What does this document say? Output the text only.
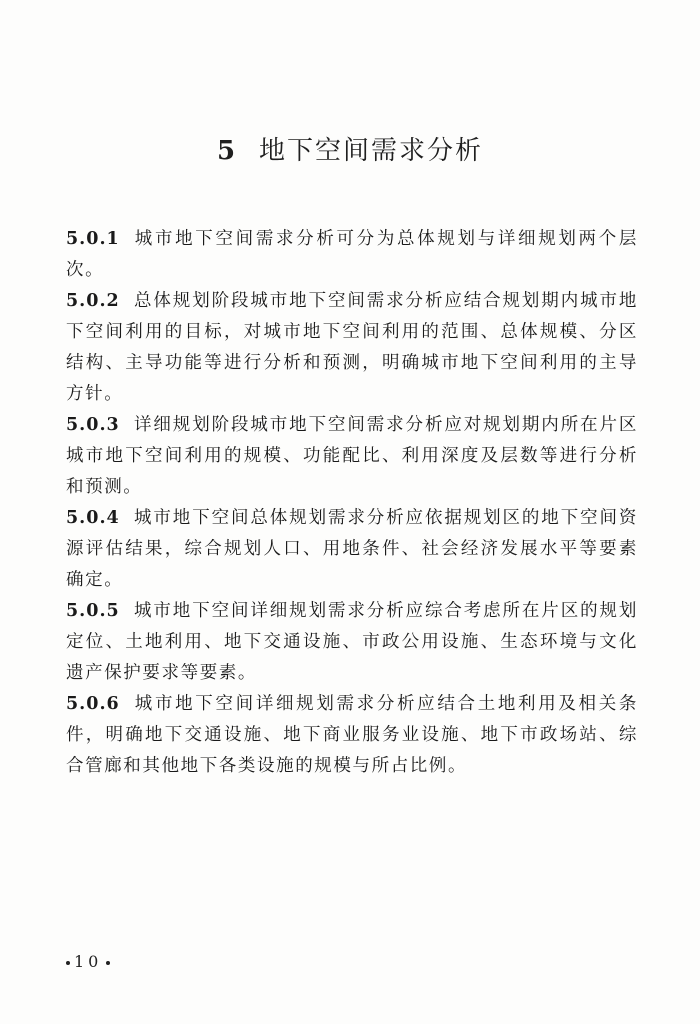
5 地下空间需求分析

5.0.1 城市地下空间需求分析可分为总体规划与详细规划两个层次。

5.0.2 总体规划阶段城市地下空间需求分析应结合规划期内城市地下空间利用的目标，对城市地下空间利用的范围、总体规模、分区结构、主导功能等进行分析和预测，明确城市地下空间利用的主导方针。

5.0.3 详细规划阶段城市地下空间需求分析应对规划期内所在片区城市地下空间利用的规模、功能配比、利用深度及层数等进行分析和预测。

5.0.4 城市地下空间总体规划需求分析应依据规划区的地下空间资源评估结果，综合规划人口、用地条件、社会经济发展水平等要素确定。

5.0.5 城市地下空间详细规划需求分析应综合考虑所在片区的规划定位、土地利用、地下交通设施、市政公用设施、生态环境与文化遗产保护要求等要素。

5.0.6 城市地下空间详细规划需求分析应结合土地利用及相关条件，明确地下交通设施、地下商业服务业设施、地下市政场站、综合管廊和其他地下各类设施的规模与所占比例。

10
